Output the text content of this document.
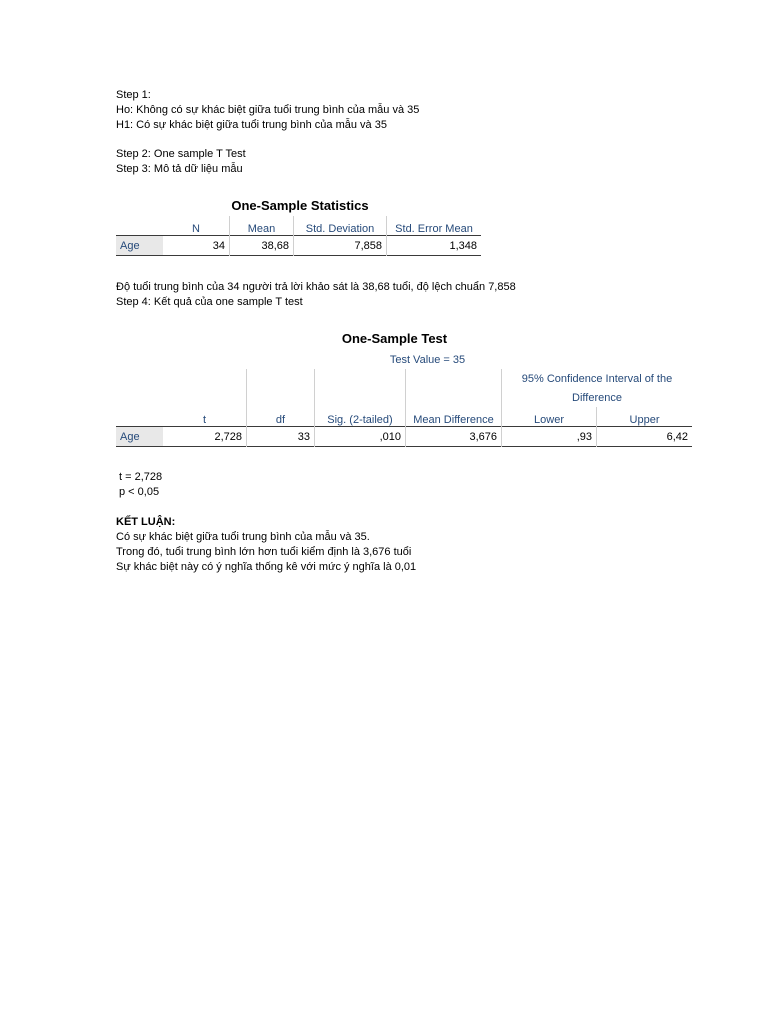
Step 1:
Ho: Không có sự khác biệt giữa tuổi trung bình của mẫu và 35
H1: Có sự khác biệt giữa tuổi trung bình của mẫu và 35
Step 2: One sample T Test
Step 3: Mô tả dữ liệu mẫu
One-Sample Statistics
	N	Mean	Std. Deviation	Std. Error Mean
Age	34	38,68	7,858	1,348
Độ tuổi trung bình của 34 người trả lời khảo sát là 38,68 tuổi, độ lệch chuẩn 7,858
Step 4: Kết quả của one sample T test
One-Sample Test
	Test Value = 35					
					95% Confidence Interval of the	
					Difference	
	t	df	Sig. (2-tailed)	Mean Difference	Lower	Upper
Age	2,728	33	,010	3,676	,93	6,42
t = 2,728
p < 0,05
KẾT LUẬN:
Có sự khác biệt giữa tuổi trung bình của mẫu và 35.
Trong đó, tuổi trung bình lớn hơn tuổi kiểm định là 3,676 tuổi
Sự khác biệt này có ý nghĩa thống kê với mức ý nghĩa là 0,01
